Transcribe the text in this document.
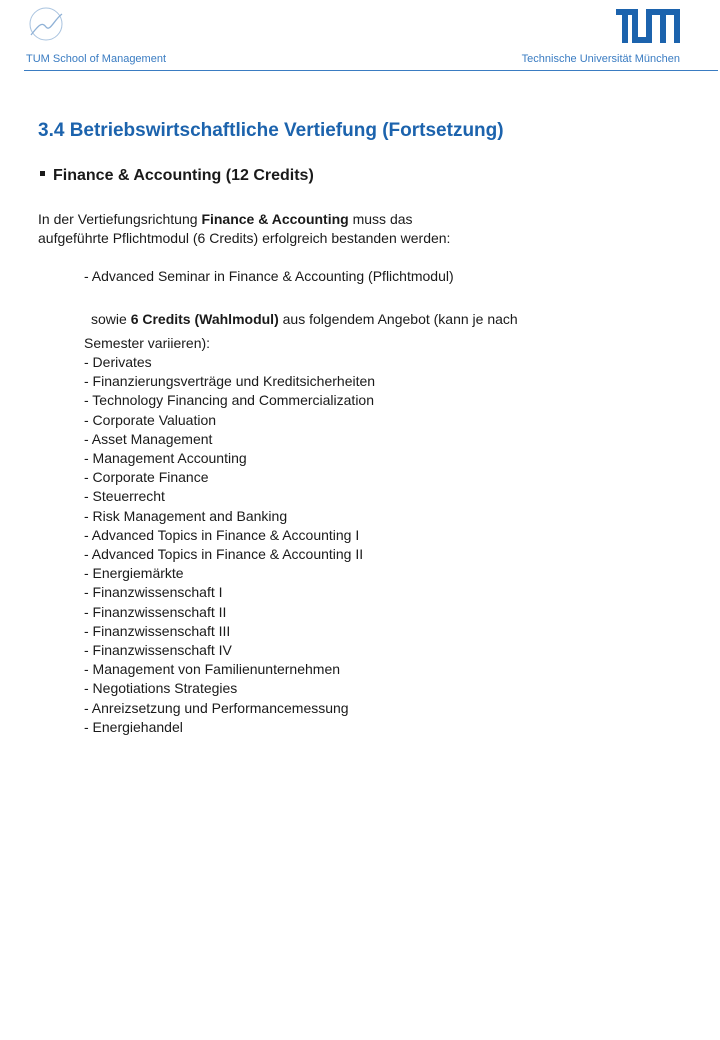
TUM School of Management	Technische Universität München
3.4 Betriebswirtschaftliche Vertiefung (Fortsetzung)
Finance & Accounting (12 Credits)
In der Vertiefungsrichtung Finance & Accounting muss das
aufgeführte Pflichtmodul (6 Credits) erfolgreich bestanden werden:
- Advanced Seminar in Finance & Accounting (Pflichtmodul)
sowie 6 Credits (Wahlmodul) aus folgendem Angebot (kann je nach
Semester variieren):
- Derivates
- Finanzierungsverträge und Kreditsicherheiten
- Technology Financing and Commercialization
- Corporate Valuation
- Asset Management
- Management Accounting
- Corporate Finance
- Steuerrecht
- Risk Management and Banking
- Advanced Topics in Finance & Accounting I
- Advanced Topics in Finance & Accounting II
- Energiemärkte
- Finanzwissenschaft I
- Finanzwissenschaft II
- Finanzwissenschaft III
- Finanzwissenschaft IV
- Management von Familienunternehmen
- Negotiations Strategies
- Anreizsetzung und Performancemessung
- Energiehandel
